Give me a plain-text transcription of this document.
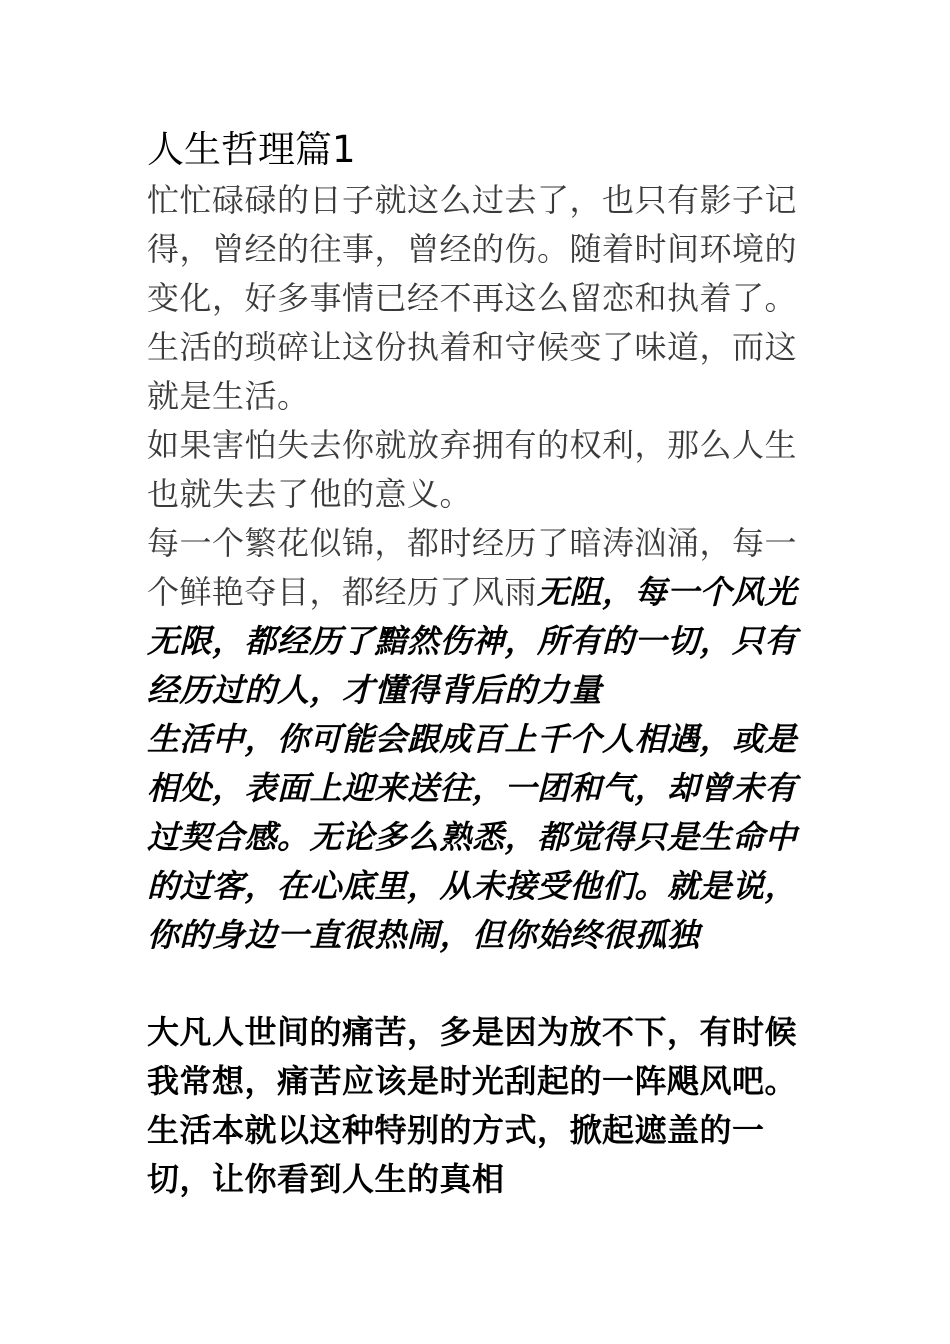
人生哲理篇1

忙忙碌碌的日子就这么过去了，也只有影子记得，曾经的往事，曾经的伤。随着时间环境的变化，好多事情已经不再这么留恋和执着了。生活的琐碎让这份执着和守候变了味道，而这就是生活。

如果害怕失去你就放弃拥有的权利，那么人生也就失去了他的意义。

每一个繁花似锦，都时经历了暗涛汹涌，每一个鲜艳夺目，都经历了风雨无阻，每一个风光无限，都经历了黯然伤神，所有的一切，只有经历过的人，才懂得背后的力量

生活中，你可能会跟成百上千个人相遇，或是相处，表面上迎来送往，一团和气，却曾未有过契合感。无论多么熟悉，都觉得只是生命中的过客，在心底里，从未接受他们。就是说，你的身边一直很热闹，但你始终很孤独

大凡人世间的痛苦，多是因为放不下，有时候我常想，痛苦应该是时光刮起的一阵飓风吧。生活本就以这种特别的方式，掀起遮盖的一切，让你看到人生的真相
